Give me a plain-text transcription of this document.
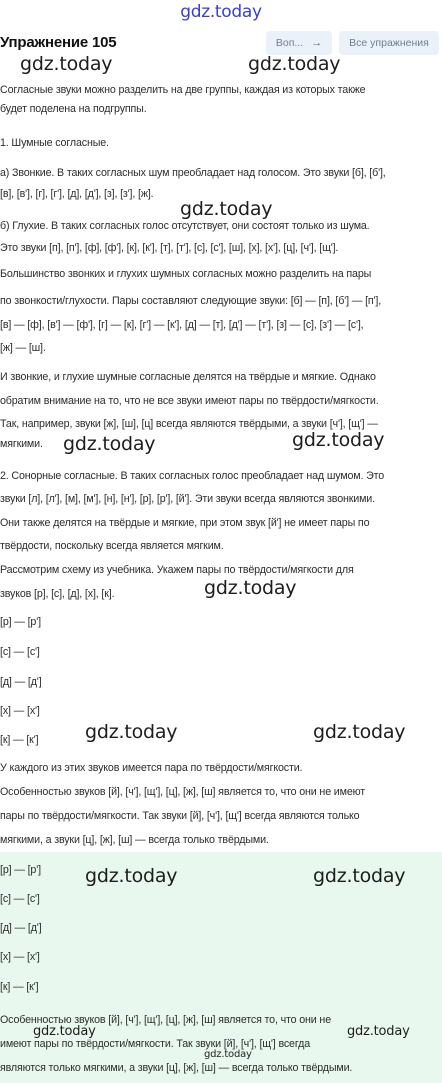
gdz.today
Упражнение 105	Воп... →	Все упражнения
Согласные звуки можно разделить на две группы, каждая из которых также
будет поделена на подгруппы.
1. Шумные согласные.
а) Звонкие. В таких согласных шум преобладает над голосом. Это звуки [б], [б'],
[в], [в'], [г], [г'], [д], [д'], [з], [з'], [ж].
б) Глухие. В таких согласных голос отсутствует, они состоят только из шума.
Это звуки [п], [п'], [ф], [ф'], [к], [к'], [т], [т'], [с], [с'], [ш], [х], [х'], [ц], [ч'], [щ'].
Большинство звонких и глухих шумных согласных можно разделить на пары
по звонкости/глухости. Пары составляют следующие звуки: [б] — [п], [б'] — [п'],
[в] — [ф], [в'] — [ф'], [г] — [к], [г'] — [к'], [д] — [т], [д'] — [т'], [з] — [с], [з'] — [с'],
[ж] — [ш].
И звонкие, и глухие шумные согласные делятся на твёрдые и мягкие. Однако
обратим внимание на то, что не все звуки имеют пары по твёрдости/мягкости.
Так, например, звуки [ж], [ш], [ц] всегда являются твёрдыми, а звуки [ч'], [щ'] —
мягкими.
2. Сонорные согласные. В таких согласных голос преобладает над шумом. Это
звуки [л], [л'], [м], [м'], [н], [н'], [р], [р'], [й']. Эти звуки всегда являются звонкими.
Они также делятся на твёрдые и мягкие, при этом звук [й'] не имеет пары по
твёрдости, поскольку всегда является мягким.
Рассмотрим схему из учебника. Укажем пары по твёрдости/мягкости для
звуков [р], [с], [д], [х], [к].
[р] — [р']
[с] — [с']
[д] — [д']
[х] — [х']
[к] — [к']
У каждого из этих звуков имеется пара по твёрдости/мягкости.
Особенностью звуков [й], [ч'], [щ'], [ц], [ж], [ш] является то, что они не имеют
пары по твёрдости/мягкости. Так звуки [й], [ч'], [щ'] всегда являются только
мягкими, а звуки [ц], [ж], [ш] — всегда только твёрдыми.
[р] — [р']
[с] — [с']
[д] — [д']
[х] — [х']
[к] — [к']
Особенностью звуков [й], [ч'], [щ'], [ц], [ж], [ш] является то, что они не
имеют пары по твёрдости/мягкости. Так звуки [й], [ч'], [щ'] всегда
являются только мягкими, а звуки [ц], [ж], [ш] — всегда только твёрдыми.
gdz.today	gdz.today
gdz.today
gdz.today	gdz.today
gdz.today
gdz.today	gdz.today
gdz.today	gdz.today
gdz.today	gdz.today
gdz.today
